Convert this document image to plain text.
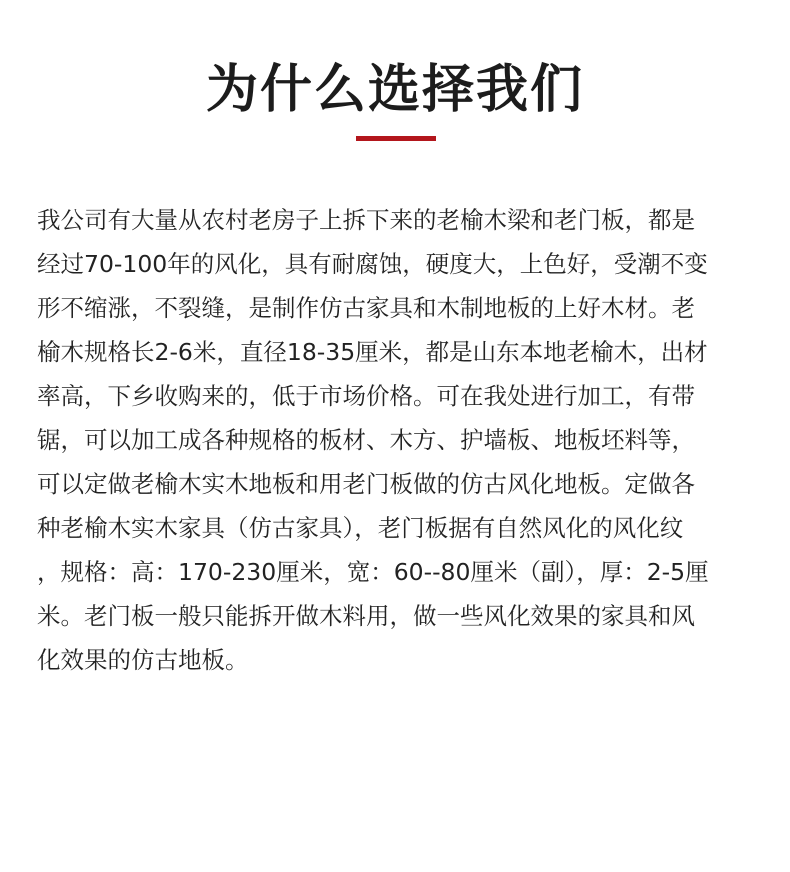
为什么选择我们
我公司有大量从农村老房子上拆下来的老榆木梁和老门板，都是
经过70-100年的风化，具有耐腐蚀，硬度大，上色好，受潮不变
形不缩涨，不裂缝，是制作仿古家具和木制地板的上好木材。老
榆木规格长2-6米，直径18-35厘米，都是山东本地老榆木，出材
率高，下乡收购来的，低于市场价格。可在我处进行加工，有带
锯，可以加工成各种规格的板材、木方、护墙板、地板坯料等，
可以定做老榆木实木地板和用老门板做的仿古风化地板。定做各
种老榆木实木家具（仿古家具），老门板据有自然风化的风化纹
，规格：高：170-230厘米，宽：60--80厘米（副），厚：2-5厘
米。老门板一般只能拆开做木料用，做一些风化效果的家具和风
化效果的仿古地板。
